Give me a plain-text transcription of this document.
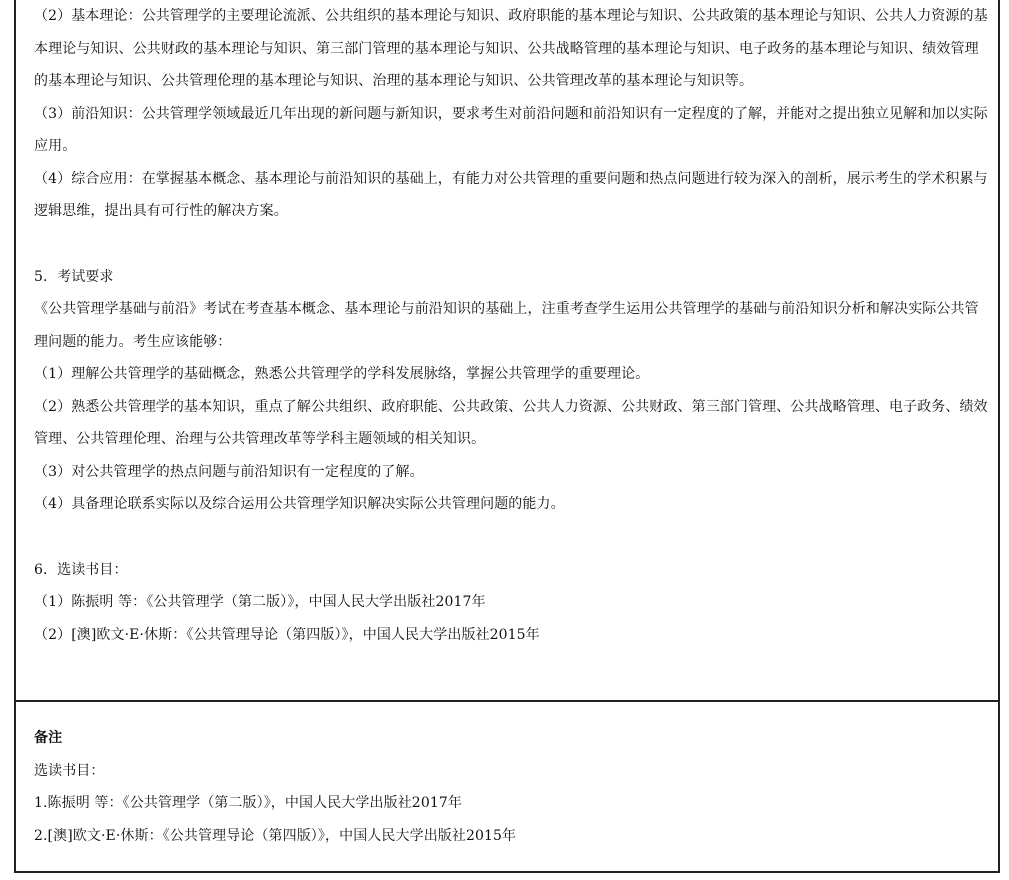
（2）基本理论：公共管理学的主要理论流派、公共组织的基本理论与知识、政府职能的基本理论与知识、公共政策的基本理论与知识、公共人力资源的基本理论与知识、公共财政的基本理论与知识、第三部门管理的基本理论与知识、公共战略管理的基本理论与知识、电子政务的基本理论与知识、绩效管理的基本理论与知识、公共管理伦理的基本理论与知识、治理的基本理论与知识、公共管理改革的基本理论与知识等。
（3）前沿知识：公共管理学领域最近几年出现的新问题与新知识，要求考生对前沿问题和前沿知识有一定程度的了解，并能对之提出独立见解和加以实际应用。
（4）综合应用：在掌握基本概念、基本理论与前沿知识的基础上，有能力对公共管理的重要问题和热点问题进行较为深入的剖析，展示考生的学术积累与逻辑思维，提出具有可行性的解决方案。
5．考试要求
《公共管理学基础与前沿》考试在考查基本概念、基本理论与前沿知识的基础上，注重考查学生运用公共管理学的基础与前沿知识分析和解决实际公共管理问题的能力。考生应该能够：
（1）理解公共管理学的基础概念，熟悉公共管理学的学科发展脉络，掌握公共管理学的重要理论。
（2）熟悉公共管理学的基本知识，重点了解公共组织、政府职能、公共政策、公共人力资源、公共财政、第三部门管理、公共战略管理、电子政务、绩效管理、公共管理伦理、治理与公共管理改革等学科主题领域的相关知识。
（3）对公共管理学的热点问题与前沿知识有一定程度的了解。
（4）具备理论联系实际以及综合运用公共管理学知识解决实际公共管理问题的能力。
6．选读书目：
（1）陈振明 等：《公共管理学（第二版）》，中国人民大学出版社2017年
（2）[澳]欧文·E·休斯：《公共管理导论（第四版）》，中国人民大学出版社2015年
备注
选读书目：
1.陈振明 等：《公共管理学（第二版）》，中国人民大学出版社2017年
2.[澳]欧文·E·休斯：《公共管理导论（第四版）》，中国人民大学出版社2015年
